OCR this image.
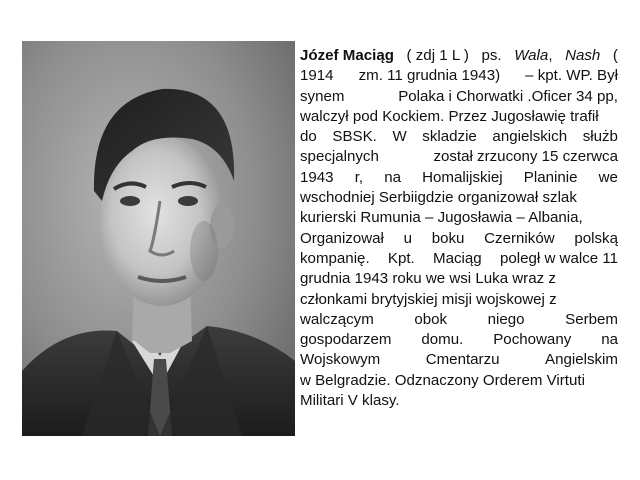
Józef Maciąg ( zdj 1 L ) ps. Wala , Nash (
1914 zm. 11 grudnia 1943) – kpt. WP. Był
synem	Polaka i Chorwatki .Oficer 34 pp,
walczył pod Kockiem. Przez Jugosławię trafił
do SBSK. W skladzie angielskich służb
specjalnych	został zrzucony 15 czerwca
1943 r, na Homalijskiej Planinie we
wschodniej Serbiigdzie organizował szlak
kurierski Rumunia – Jugosławia – Albania,
Organizował u boku Czerników polską
kompanię. Kpt. Maciąg poległ w walce 11
grudnia 1943 roku we wsi Luka wraz z
członkami brytyjskiej misji wojskowej z
walczącym	obok	niego	Serbem
gospodarzem domu. Pochowany na
Wojskowym	Cmentarzu	Angielskim
w Belgradzie. Odznaczony Orderem Virtuti
Militari V klasy.
